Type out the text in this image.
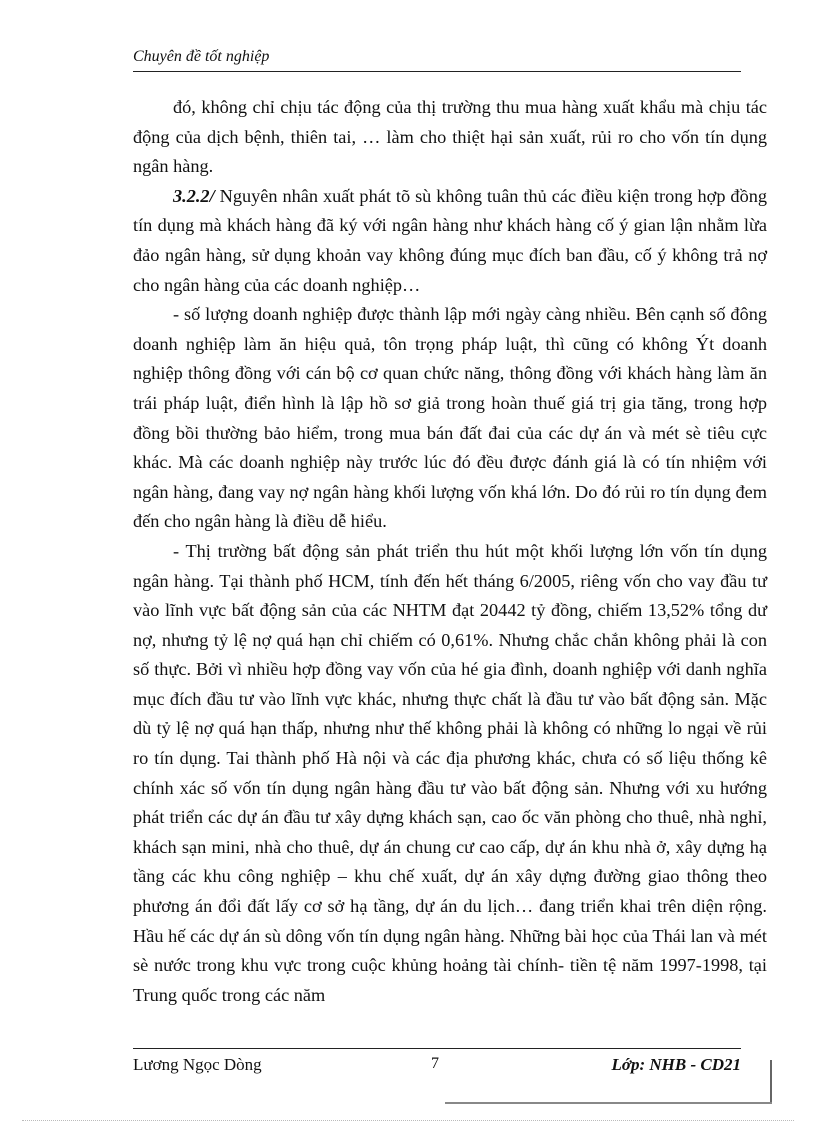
Chuyên đề tốt nghiệp

đó, không chỉ chịu tác động của thị trường thu mua hàng xuất khẩu mà chịu tác động của dịch bệnh, thiên tai, … làm cho thiệt hại sản xuất, rủi ro cho vốn tín dụng ngân hàng.

3.2.2/ Nguyên nhân xuất phát tõ sù không tuân thủ các điều kiện trong hợp đồng tín dụng mà khách hàng đã ký với ngân hàng như khách hàng cố ý gian lận nhằm lừa đảo ngân hàng, sử dụng khoản vay không đúng mục đích ban đầu, cố ý không trả nợ cho ngân hàng của các doanh nghiệp…

- số lượng doanh nghiệp được thành lập mới ngày càng nhiều. Bên cạnh số đông doanh nghiệp làm ăn hiệu quả, tôn trọng pháp luật, thì cũng có không Ýt doanh nghiệp thông đồng với cán bộ cơ quan chức năng, thông đồng với khách hàng làm ăn trái pháp luật, điển hình là lập hồ sơ giả trong hoàn thuế giá trị gia tăng, trong hợp đồng bồi thường bảo hiểm, trong mua bán đất đai của các dự án và mét sè tiêu cực khác. Mà các doanh nghiệp này trước lúc đó đều được đánh giá là có tín nhiệm với ngân hàng, đang vay nợ ngân hàng khối lượng vốn khá lớn. Do đó rủi ro tín dụng đem đến cho ngân hàng là điều dễ hiểu.

- Thị trường bất động sản phát triển thu hút một khối lượng lớn vốn tín dụng ngân hàng. Tại thành phố HCM, tính đến hết tháng 6/2005, riêng vốn cho vay đầu tư vào lĩnh vực bất động sản của các NHTM đạt 20442 tỷ đồng, chiếm 13,52% tổng dư nợ, nhưng tỷ lệ nợ quá hạn chỉ chiếm có 0,61%. Nhưng chắc chắn không phải là con số thực. Bởi vì nhiều hợp đồng vay vốn của hé gia đình, doanh nghiệp với danh nghĩa mục đích đầu tư vào lĩnh vực khác, nhưng thực chất là đầu tư vào bất động sản. Mặc dù tỷ lệ nợ quá hạn thấp, nhưng như thế không phải là không có những lo ngại về rủi ro tín dụng. Tai thành phố Hà nội và các địa phương khác, chưa có số liệu thống kê chính xác số vốn tín dụng ngân hàng đầu tư vào bất động sản. Nhưng với xu hướng phát triển các dự án đầu tư xây dựng khách sạn, cao ốc văn phòng cho thuê, nhà nghỉ, khách sạn mini, nhà cho thuê, dự án chung cư cao cấp, dự án khu nhà ở, xây dựng hạ tầng các khu công nghiệp – khu chế xuất, dự án xây dựng đường giao thông theo phương án đổi đất lấy cơ sở hạ tầng, dự án du lịch… đang triển khai trên diện rộng. Hầu hế các dự án sù dông vốn tín dụng ngân hàng. Những bài học của Thái lan và mét sè nước trong khu vực trong cuộc khủng hoảng tài chính- tiền tệ năm 1997-1998, tại Trung quốc trong các năm

Lương Ngọc Dòng	7	Lớp: NHB - CD21
